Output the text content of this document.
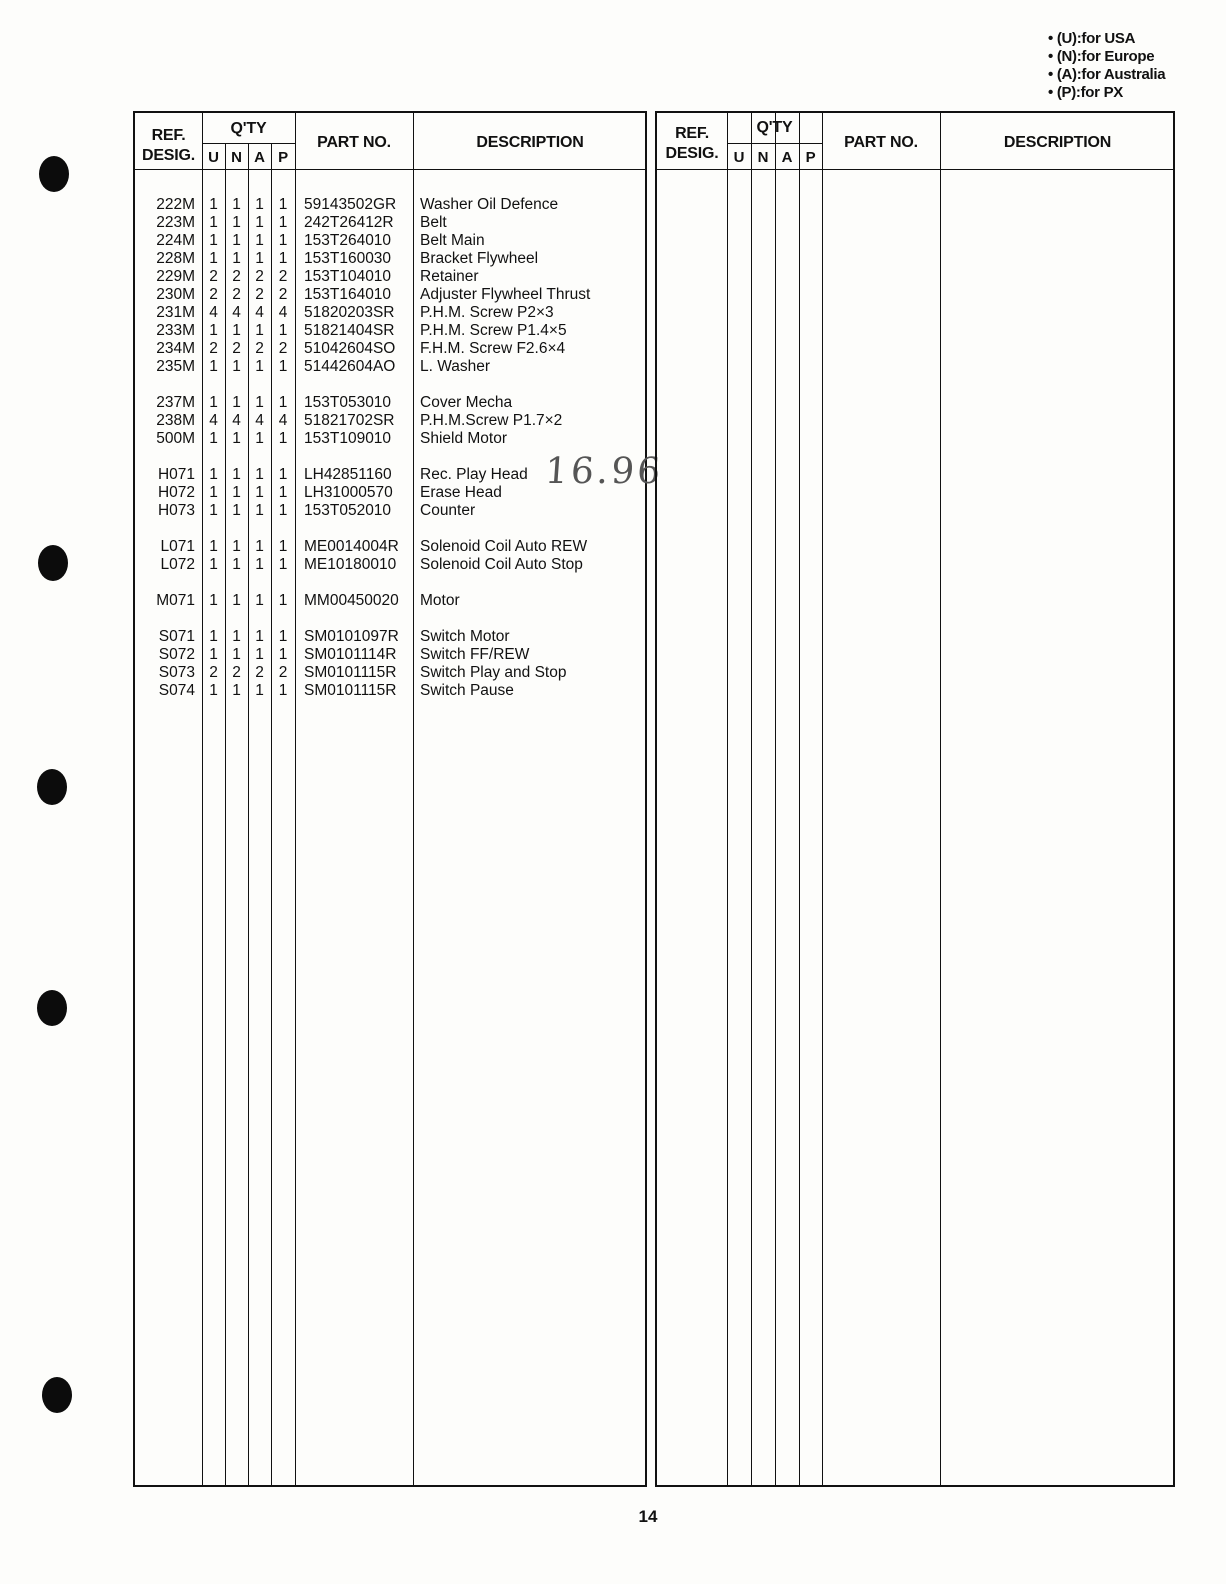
• (U):for USA
• (N):for Europe
• (A):for Australia
• (P):for PX
REF.
DESIG.
Q'TY
U N A P
PART NO.	DESCRIPTION
222M 1 1 1 1	59143502GR Washer Oil Defence
223M 1 1 1 1	242T26412R Belt
224M 1 1 1 1	153T264010 Belt Main
228M 1 1 1 1	153T160030 Bracket Flywheel
229M 2 2 2 2	153T104010 Retainer
230M 2 2 2 2	153T164010 Adjuster Flywheel Thrust
231M 4 4 4 4	51820203SR P.H.M. Screw P2×3
233M 1 1 1 1	51821404SR P.H.M. Screw P1.4×5
234M 2 2 2 2	51042604SO F.H.M. Screw F2.6×4
235M 1 1 1 1	51442604AO L. Washer
237M 1 1 1 1	153T053010 Cover Mecha
238M 4 4 4 4	51821702SR P.H.M.Screw P1.7×2
500M 1 1 1 1	153T109010 Shield Motor
H071 1 1 1 1	LH42851160 Rec. Play Head
H072 1 1 1 1	LH31000570 Erase Head
H073 1 1 1 1	153T052010 Counter
L071 1 1 1 1	ME0014004R Solenoid Coil Auto REW
L072 1 1 1 1	ME10180010 Solenoid Coil Auto Stop
M071 1 1 1 1	MM00450020 Motor
S071 1 1 1 1	SM0101097R Switch Motor
S072 1 1 1 1	SM0101114R Switch FF/REW
S073 2 2 2 2	SM0101115R Switch Play and Stop
S074 1 1 1 1	SM0101115R Switch Pause
16.96
REF.
DESIG.
Q'TY
U N A P
PART NO.	DESCRIPTION
14
